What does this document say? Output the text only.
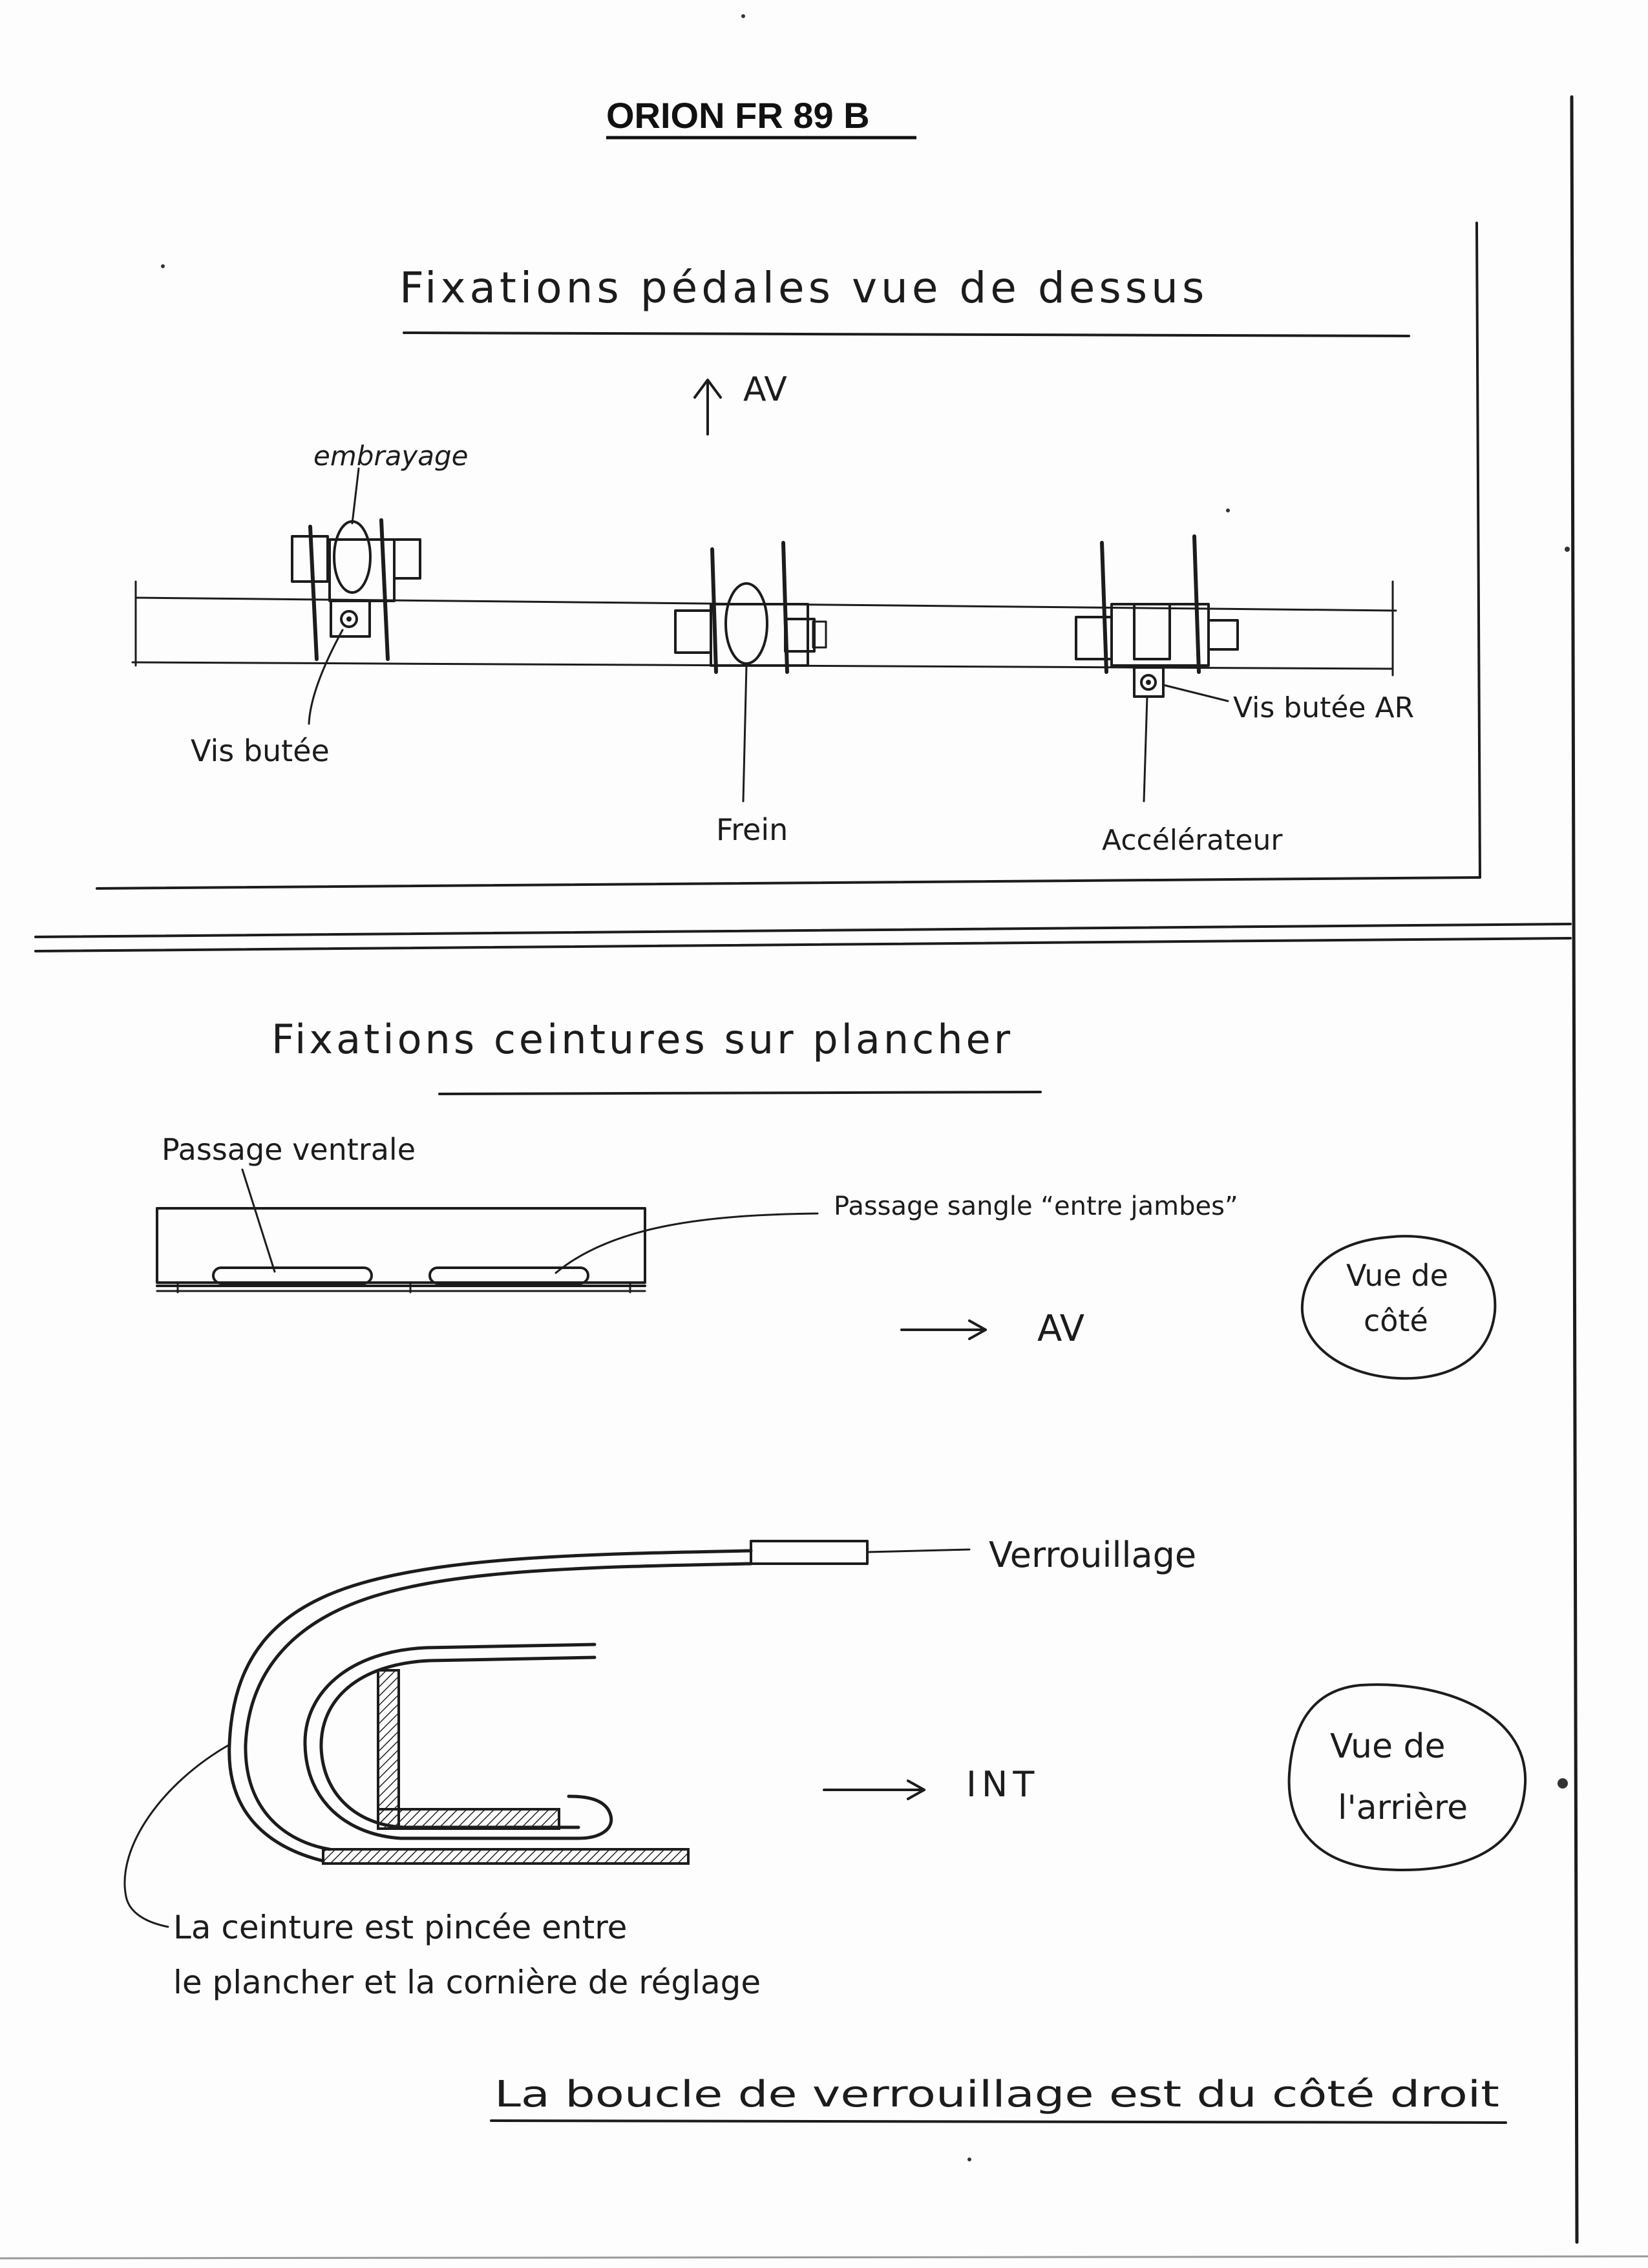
ORION FR 89 B
Fixations pédales vue de dessus
AV
embrayage
Vis butée
Frein
Vis butée AR
Accélérateur
Fixations ceintures sur plancher
Passage ventrale
Passage sangle “entre jambes”
AV
Vue de
côté
Verrouillage
INT
Vue de
l'arrière
La ceinture est pincée entre
le plancher et la cornière de réglage
La boucle de verrouillage est du côté droit
